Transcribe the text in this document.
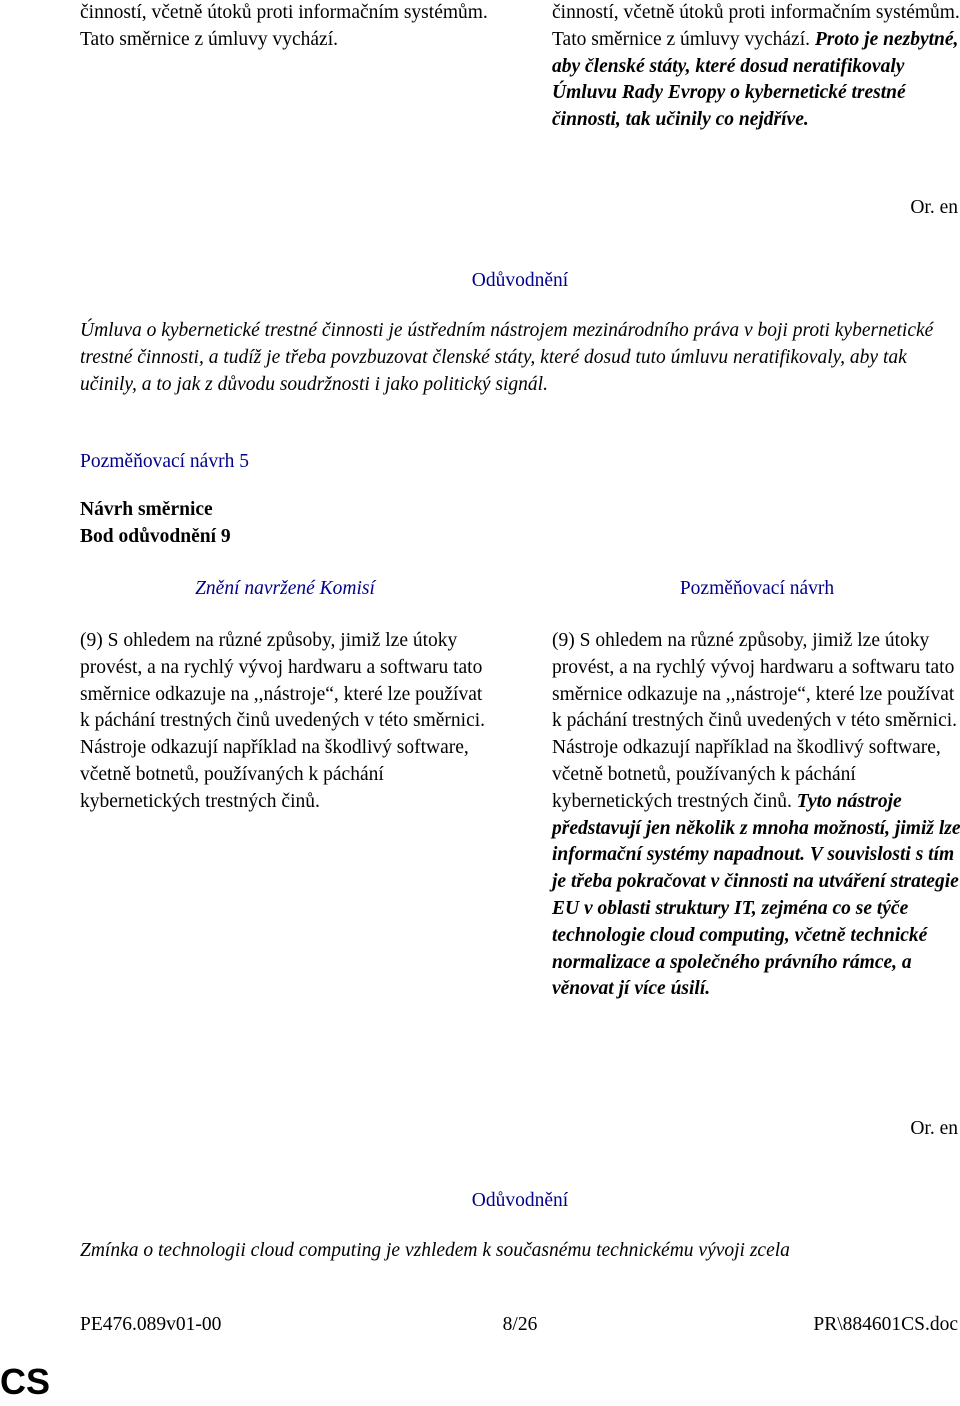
činností, včetně útoků proti informačním systémům. Tato směrnice z úmluvy vychází.
činností, včetně útoků proti informačním systémům. Tato směrnice z úmluvy vychází. Proto je nezbytné, aby členské státy, které dosud neratifikovaly Úmluvu Rady Evropy o kybernetické trestné činnosti, tak učinily co nejdříve.
Or. en
Odůvodnění
Úmluva o kybernetické trestné činnosti je ústředním nástrojem mezinárodního práva v boji proti kybernetické trestné činnosti, a tudíž je třeba povzbuzovat členské státy, které dosud tuto úmluvu neratifikovaly, aby tak učinily, a to jak z důvodu soudržnosti i jako politický signál.
Pozměňovací návrh 5
Návrh směrnice
Bod odůvodnění 9
Znění navržené Komisí	Pozměňovací návrh
(9) S ohledem na různé způsoby, jimiž lze útoky provést, a na rychlý vývoj hardwaru a softwaru tato směrnice odkazuje na ,,nástroje“, které lze používat k páchání trestných činů uvedených v této směrnici. Nástroje odkazují například na škodlivý software, včetně botnetů, používaných k páchání kybernetických trestných činů.
(9) S ohledem na různé způsoby, jimiž lze útoky provést, a na rychlý vývoj hardwaru a softwaru tato směrnice odkazuje na ,,nástroje“, které lze používat k páchání trestných činů uvedených v této směrnici. Nástroje odkazují například na škodlivý software, včetně botnetů, používaných k páchání kybernetických trestných činů. Tyto nástroje představují jen několik z mnoha možností, jimiž lze informační systémy napadnout. V souvislosti s tím je třeba pokračovat v činnosti na utváření strategie EU v oblasti struktury IT, zejména co se týče technologie cloud computing, včetně technické normalizace a společného právního rámce, a věnovat jí více úsilí.
Or. en
Odůvodnění
Zmínka o technologii cloud computing je vzhledem k současnému technickému vývoji zcela
PE476.089v01-00	8/26	PR\884601CS.doc
CS
